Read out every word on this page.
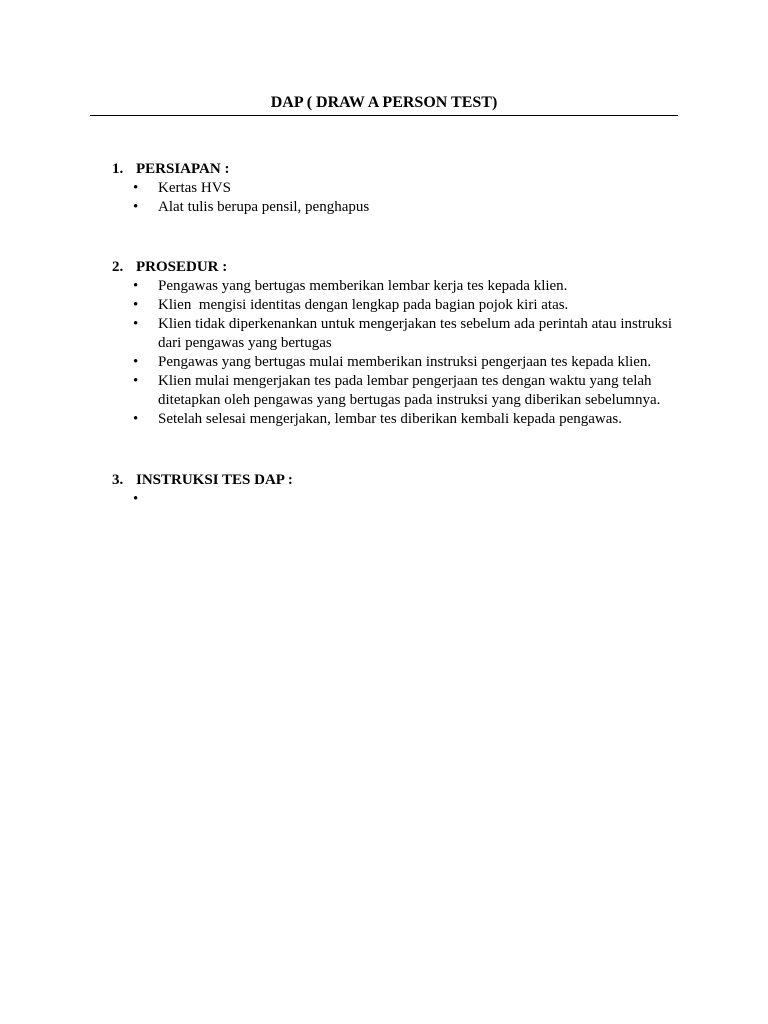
DAP ( DRAW A PERSON TEST)
1. PERSIAPAN :
• Kertas HVS
• Alat tulis berupa pensil, penghapus
2. PROSEDUR :
• Pengawas yang bertugas memberikan lembar kerja tes kepada klien.
• Klien  mengisi identitas dengan lengkap pada bagian pojok kiri atas.
• Klien tidak diperkenankan untuk mengerjakan tes sebelum ada perintah atau instruksi dari pengawas yang bertugas
• Pengawas yang bertugas mulai memberikan instruksi pengerjaan tes kepada klien.
• Klien mulai mengerjakan tes pada lembar pengerjaan tes dengan waktu yang telah ditetapkan oleh pengawas yang bertugas pada instruksi yang diberikan sebelumnya.
• Setelah selesai mengerjakan, lembar tes diberikan kembali kepada pengawas.
3. INSTRUKSI TES DAP :
•
